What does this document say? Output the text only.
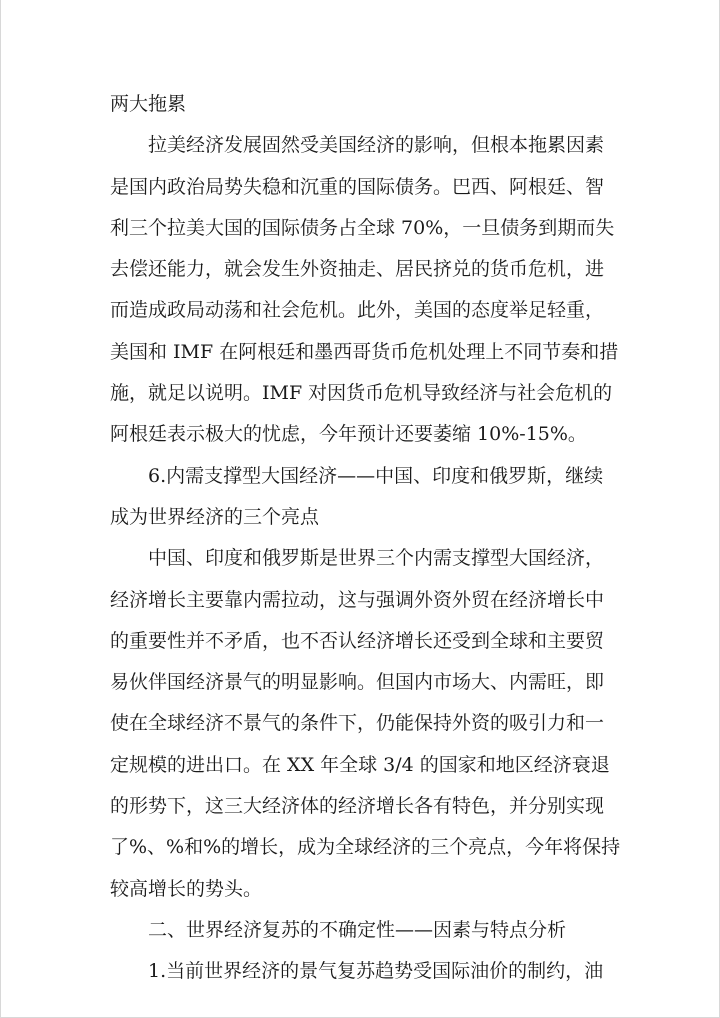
两大拖累
拉美经济发展固然受美国经济的影响，但根本拖累因素
是国内政治局势失稳和沉重的国际债务。巴西、阿根廷、智
利三个拉美大国的国际债务占全球 70%，一旦债务到期而失
去偿还能力，就会发生外资抽走、居民挤兑的货币危机，进
而造成政局动荡和社会危机。此外，美国的态度举足轻重，
美国和 IMF 在阿根廷和墨西哥货币危机处理上不同节奏和措
施，就足以说明。IMF 对因货币危机导致经济与社会危机的
阿根廷表示极大的忧虑，今年预计还要萎缩 10%-15%。
6.内需支撑型大国经济——中国、印度和俄罗斯，继续
成为世界经济的三个亮点
中国、印度和俄罗斯是世界三个内需支撑型大国经济，
经济增长主要靠内需拉动，这与强调外资外贸在经济增长中
的重要性并不矛盾，也不否认经济增长还受到全球和主要贸
易伙伴国经济景气的明显影响。但国内市场大、内需旺，即
使在全球经济不景气的条件下，仍能保持外资的吸引力和一
定规模的进出口。在 XX 年全球 3/4 的国家和地区经济衰退
的形势下，这三大经济体的经济增长各有特色，并分别实现
了%、%和%的增长，成为全球经济的三个亮点，今年将保持
较高增长的势头。
二、世界经济复苏的不确定性——因素与特点分析
1.当前世界经济的景气复苏趋势受国际油价的制约，油
